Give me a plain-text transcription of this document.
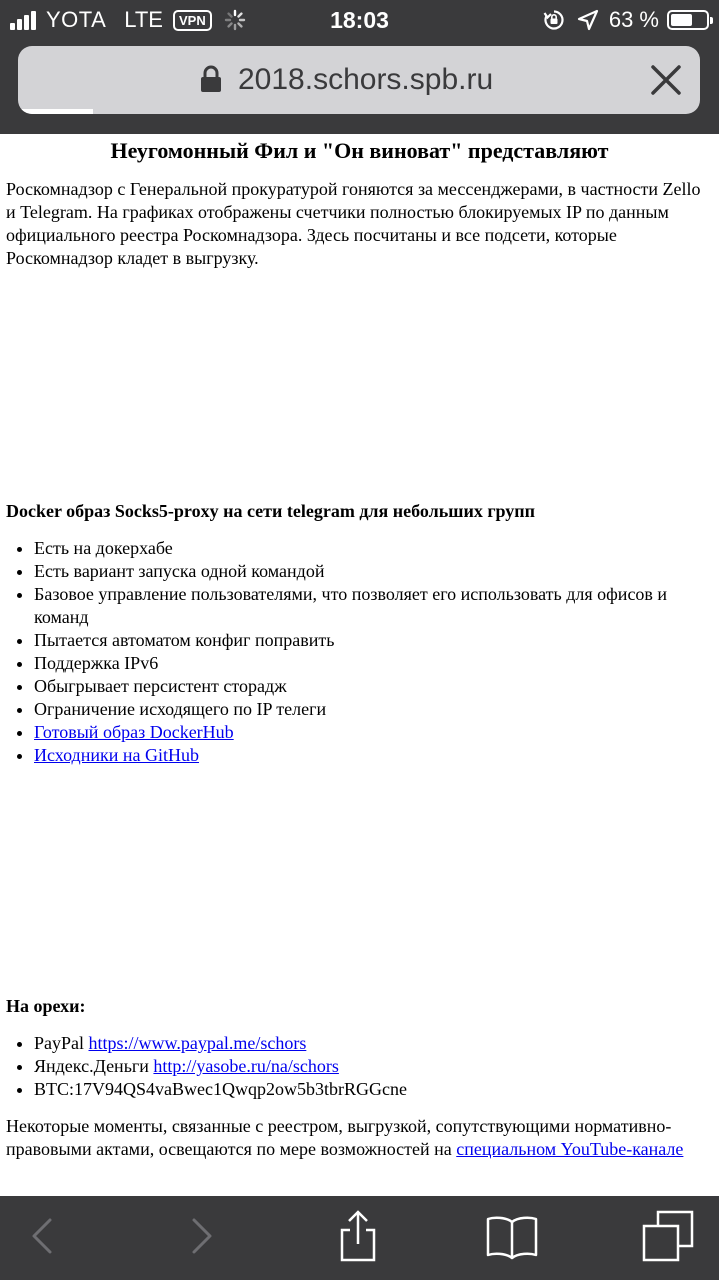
YOTA LTE	VPN	18:03	63 %
2018.schors.spb.ru
Неугомонный Фил и "Он виноват" представляют

Роскомнадзор с Генеральной прокуратурой гоняются за мессенджерами, в частности Zello и Telegram. На графиках отображены счетчики полностью блокируемых IP по данным официального реестра Роскомнадзора. Здесь посчитаны и все подсети, которые Роскомнадзор кладет в выгрузку.

Docker образ Socks5-proxy на сети telegram для небольших групп
• Есть на докерхабе
• Есть вариант запуска одной командой
• Базовое управление пользователями, что позволяет его использовать для офисов и команд
• Пытается автоматом конфиг поправить
• Поддержка IPv6
• Обыгрывает персистент сторадж
• Ограничение исходящего по IP телеги
• Готовый образ DockerHub
• Исходники на GitHub
На орехи:
• PayPal https://www.paypal.me/schors
• Яндекс.Деньги http://yasobe.ru/na/schors
• BTC:17V94QS4vaBwec1Qwqp2ow5b3tbrRGGcne

Некоторые моменты, связанные с реестром, выгрузкой, сопутствующими нормативно-правовыми актами, освещаются по мере возможностей на специальном YouTube-канале
